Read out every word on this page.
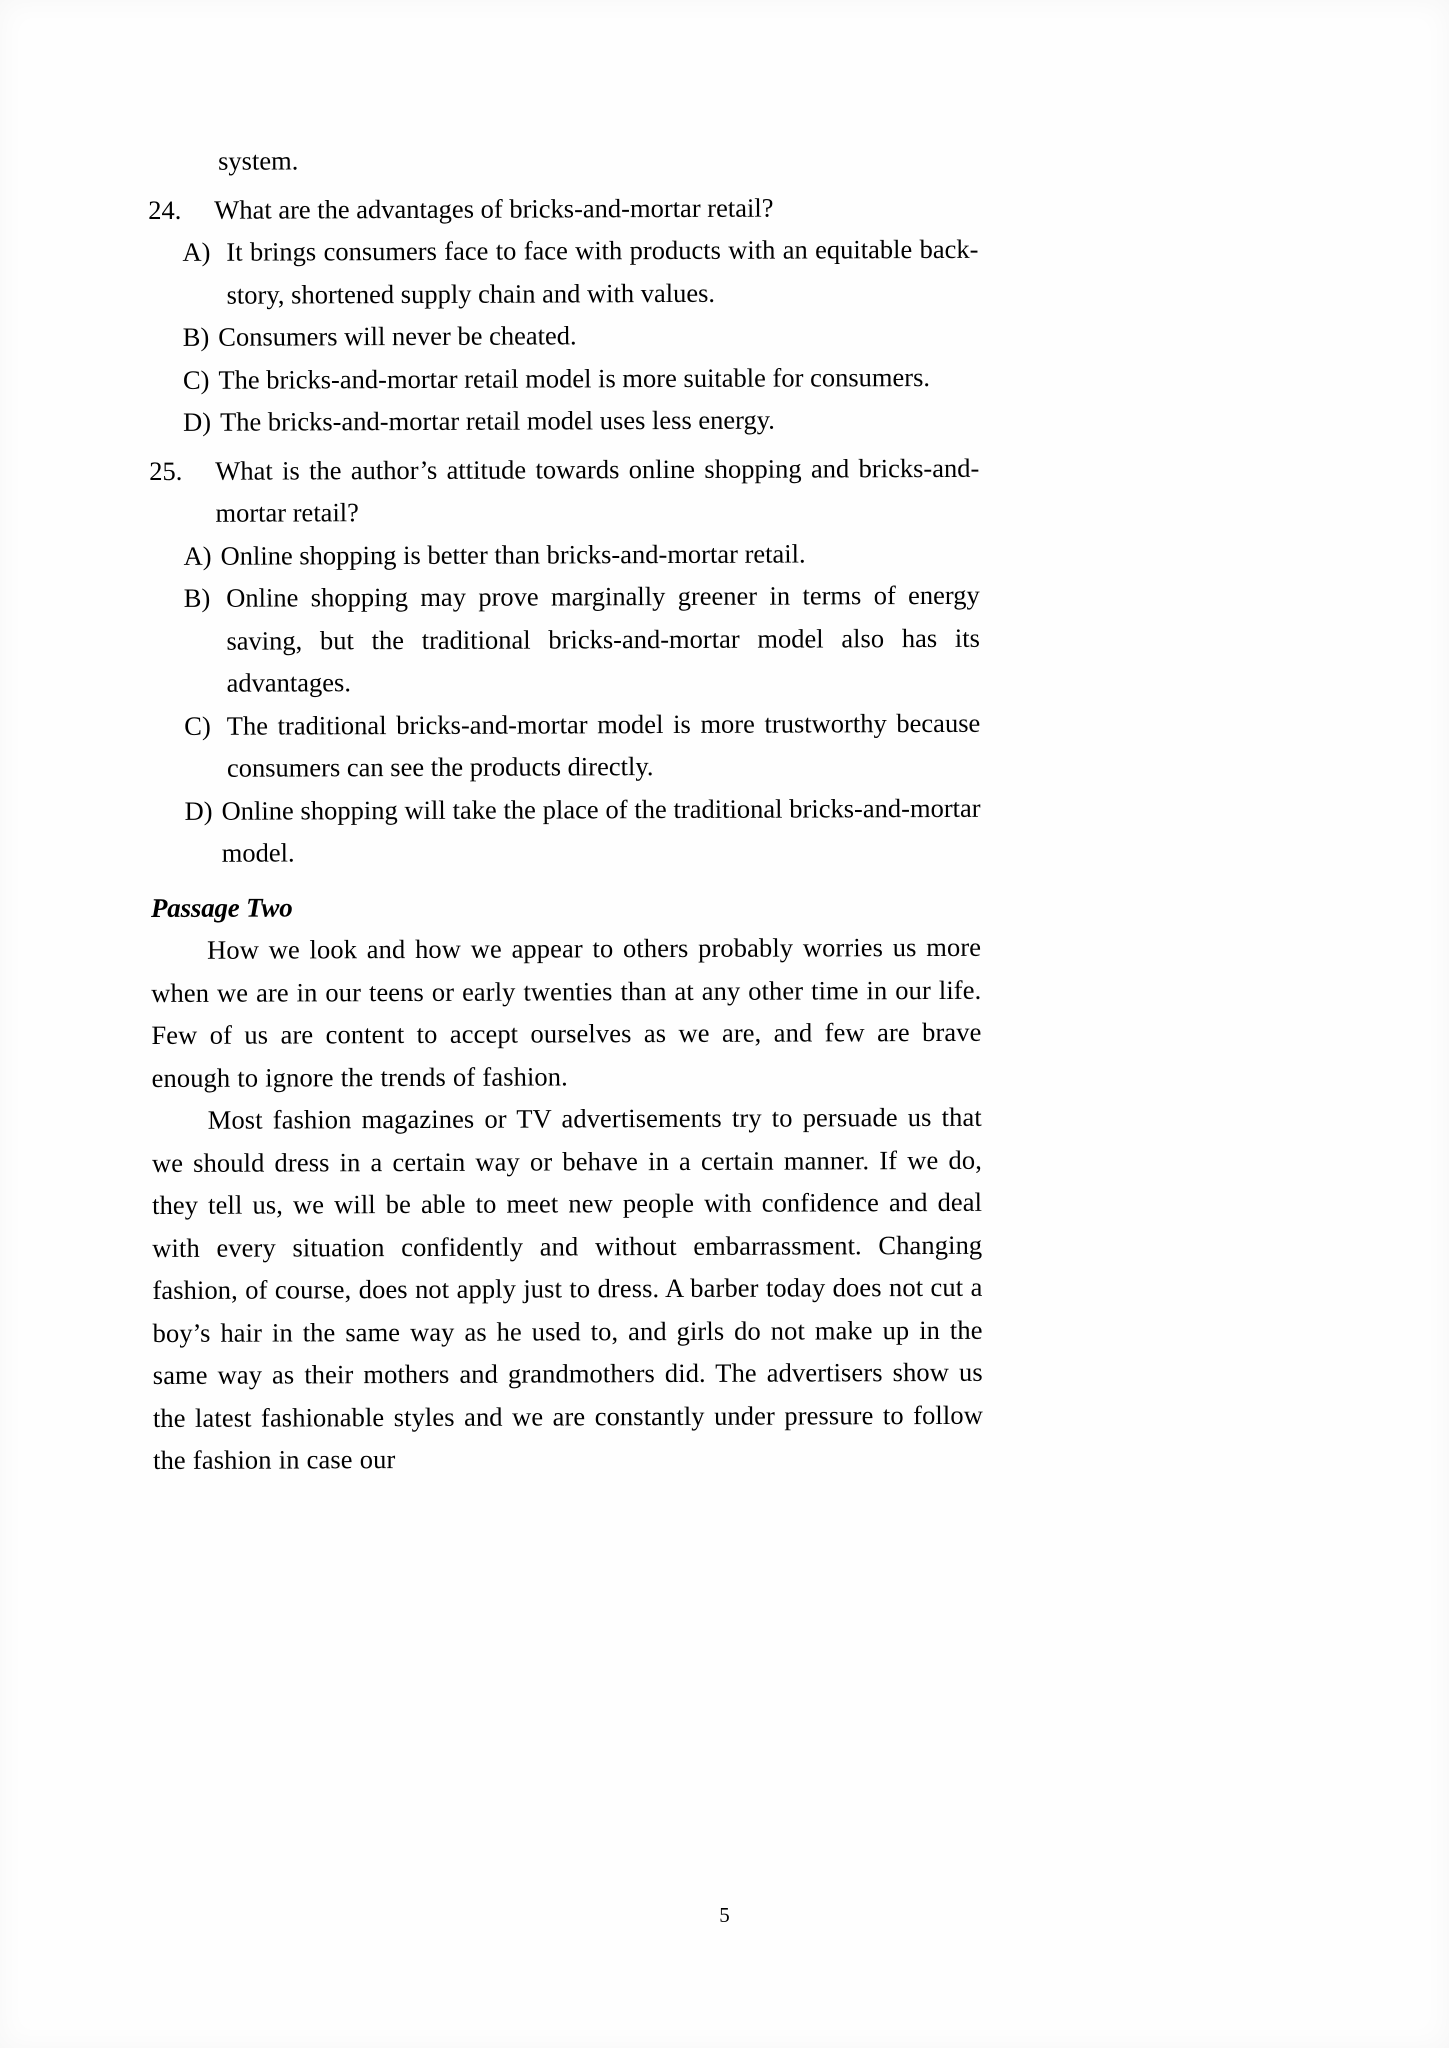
system.
24.	What are the advantages of bricks-and-mortar retail?
A) It brings consumers face to face with products with an equitable back-story, shortened supply chain and with values.
B) Consumers will never be cheated.
C) The bricks-and-mortar retail model is more suitable for consumers.
D) The bricks-and-mortar retail model uses less energy.
25.	What is the author’s attitude towards online shopping and bricks-and-mortar retail?
A) Online shopping is better than bricks-and-mortar retail.
B) Online shopping may prove marginally greener in terms of energy saving, but the traditional bricks-and-mortar model also has its advantages.
C) The traditional bricks-and-mortar model is more trustworthy because consumers can see the products directly.
D) Online shopping will take the place of the traditional bricks-and-mortar model.
Passage Two

How we look and how we appear to others probably worries us more when we are in our teens or early twenties than at any other time in our life. Few of us are content to accept ourselves as we are, and few are brave enough to ignore the trends of fashion.

Most fashion magazines or TV advertisements try to persuade us that we should dress in a certain way or behave in a certain manner. If we do, they tell us, we will be able to meet new people with confidence and deal with every situation confidently and without embarrassment. Changing fashion, of course, does not apply just to dress. A barber today does not cut a boy’s hair in the same way as he used to, and girls do not make up in the same way as their mothers and grandmothers did. The advertisers show us the latest fashionable styles and we are constantly under pressure to follow the fashion in case our

5
